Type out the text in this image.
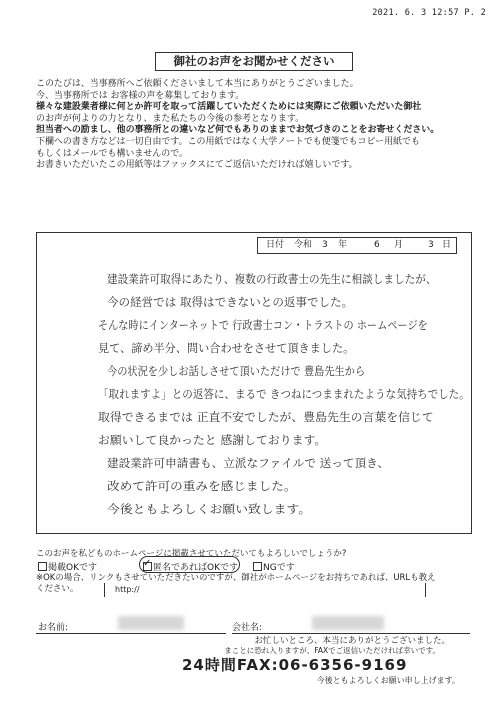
2021. 6. 3 12:57 P. 2
御社のお声をお聞かせください

このたびは、当事務所へご依頼くださいまして本当にありがとうございました。

今、当事務所では お客様の声を募集しております。

様々な建設業者様に何とか許可を取って活躍していただくためには実際にご依頼いただいた御社

のお声が何よりの力となり、また私たちの今後の参考となります。

担当者への励まし、他の事務所との違いなど何でもありのままでお気づきのことをお寄せください。

下欄への書き方などは一切自由です。この用紙ではなく大学ノートでも便箋でもコピー用紙でも

もしくはメールでも構いませんので。

お書きいただいたこの用紙等はファックスにてご返信いただければ嬉しいです。

日付 令和 3 年	6 月	3 日

建設業許可取得にあたり、複数の行政書士の先生に相談しましたが、

今の経営では 取得はできないとの返事でした。

そんな時にインターネットで 行政書士コン・トラストの ホームページを

見て、諦め半分、問い合わせをさせて頂きました。

今の状況を少しお話しさせて頂いただけで 豊島先生から

「取れますよ」との返答に、まるで きつねにつままれたような気持ちでした。

取得できるまでは 正直不安でしたが、豊島先生の言葉を信じて

お願いして良かったと 感謝しております。

建設業許可申請書も、立派なファイルで 送って頂き、

改めて許可の重みを感じました。

今後ともよろしくお願い致します。

このお声を私どものホームページに掲載させていただいてもよろしいでしょうか?
掲載OKです
✓	匿名であればOKです	NGです

※OKの場合、リンクもさせていただきたいのですが、御社がホームページをお持ちであれば、URLも教え

ください。	http://
お名前:	会社名:
お忙しいところ、本当にありがとうございました。
まことに恐れ入りますが、FAXでご返信いただければ幸いです。
24時間FAX:06-6356-9169
今後ともよろしくお願い申し上げます。
